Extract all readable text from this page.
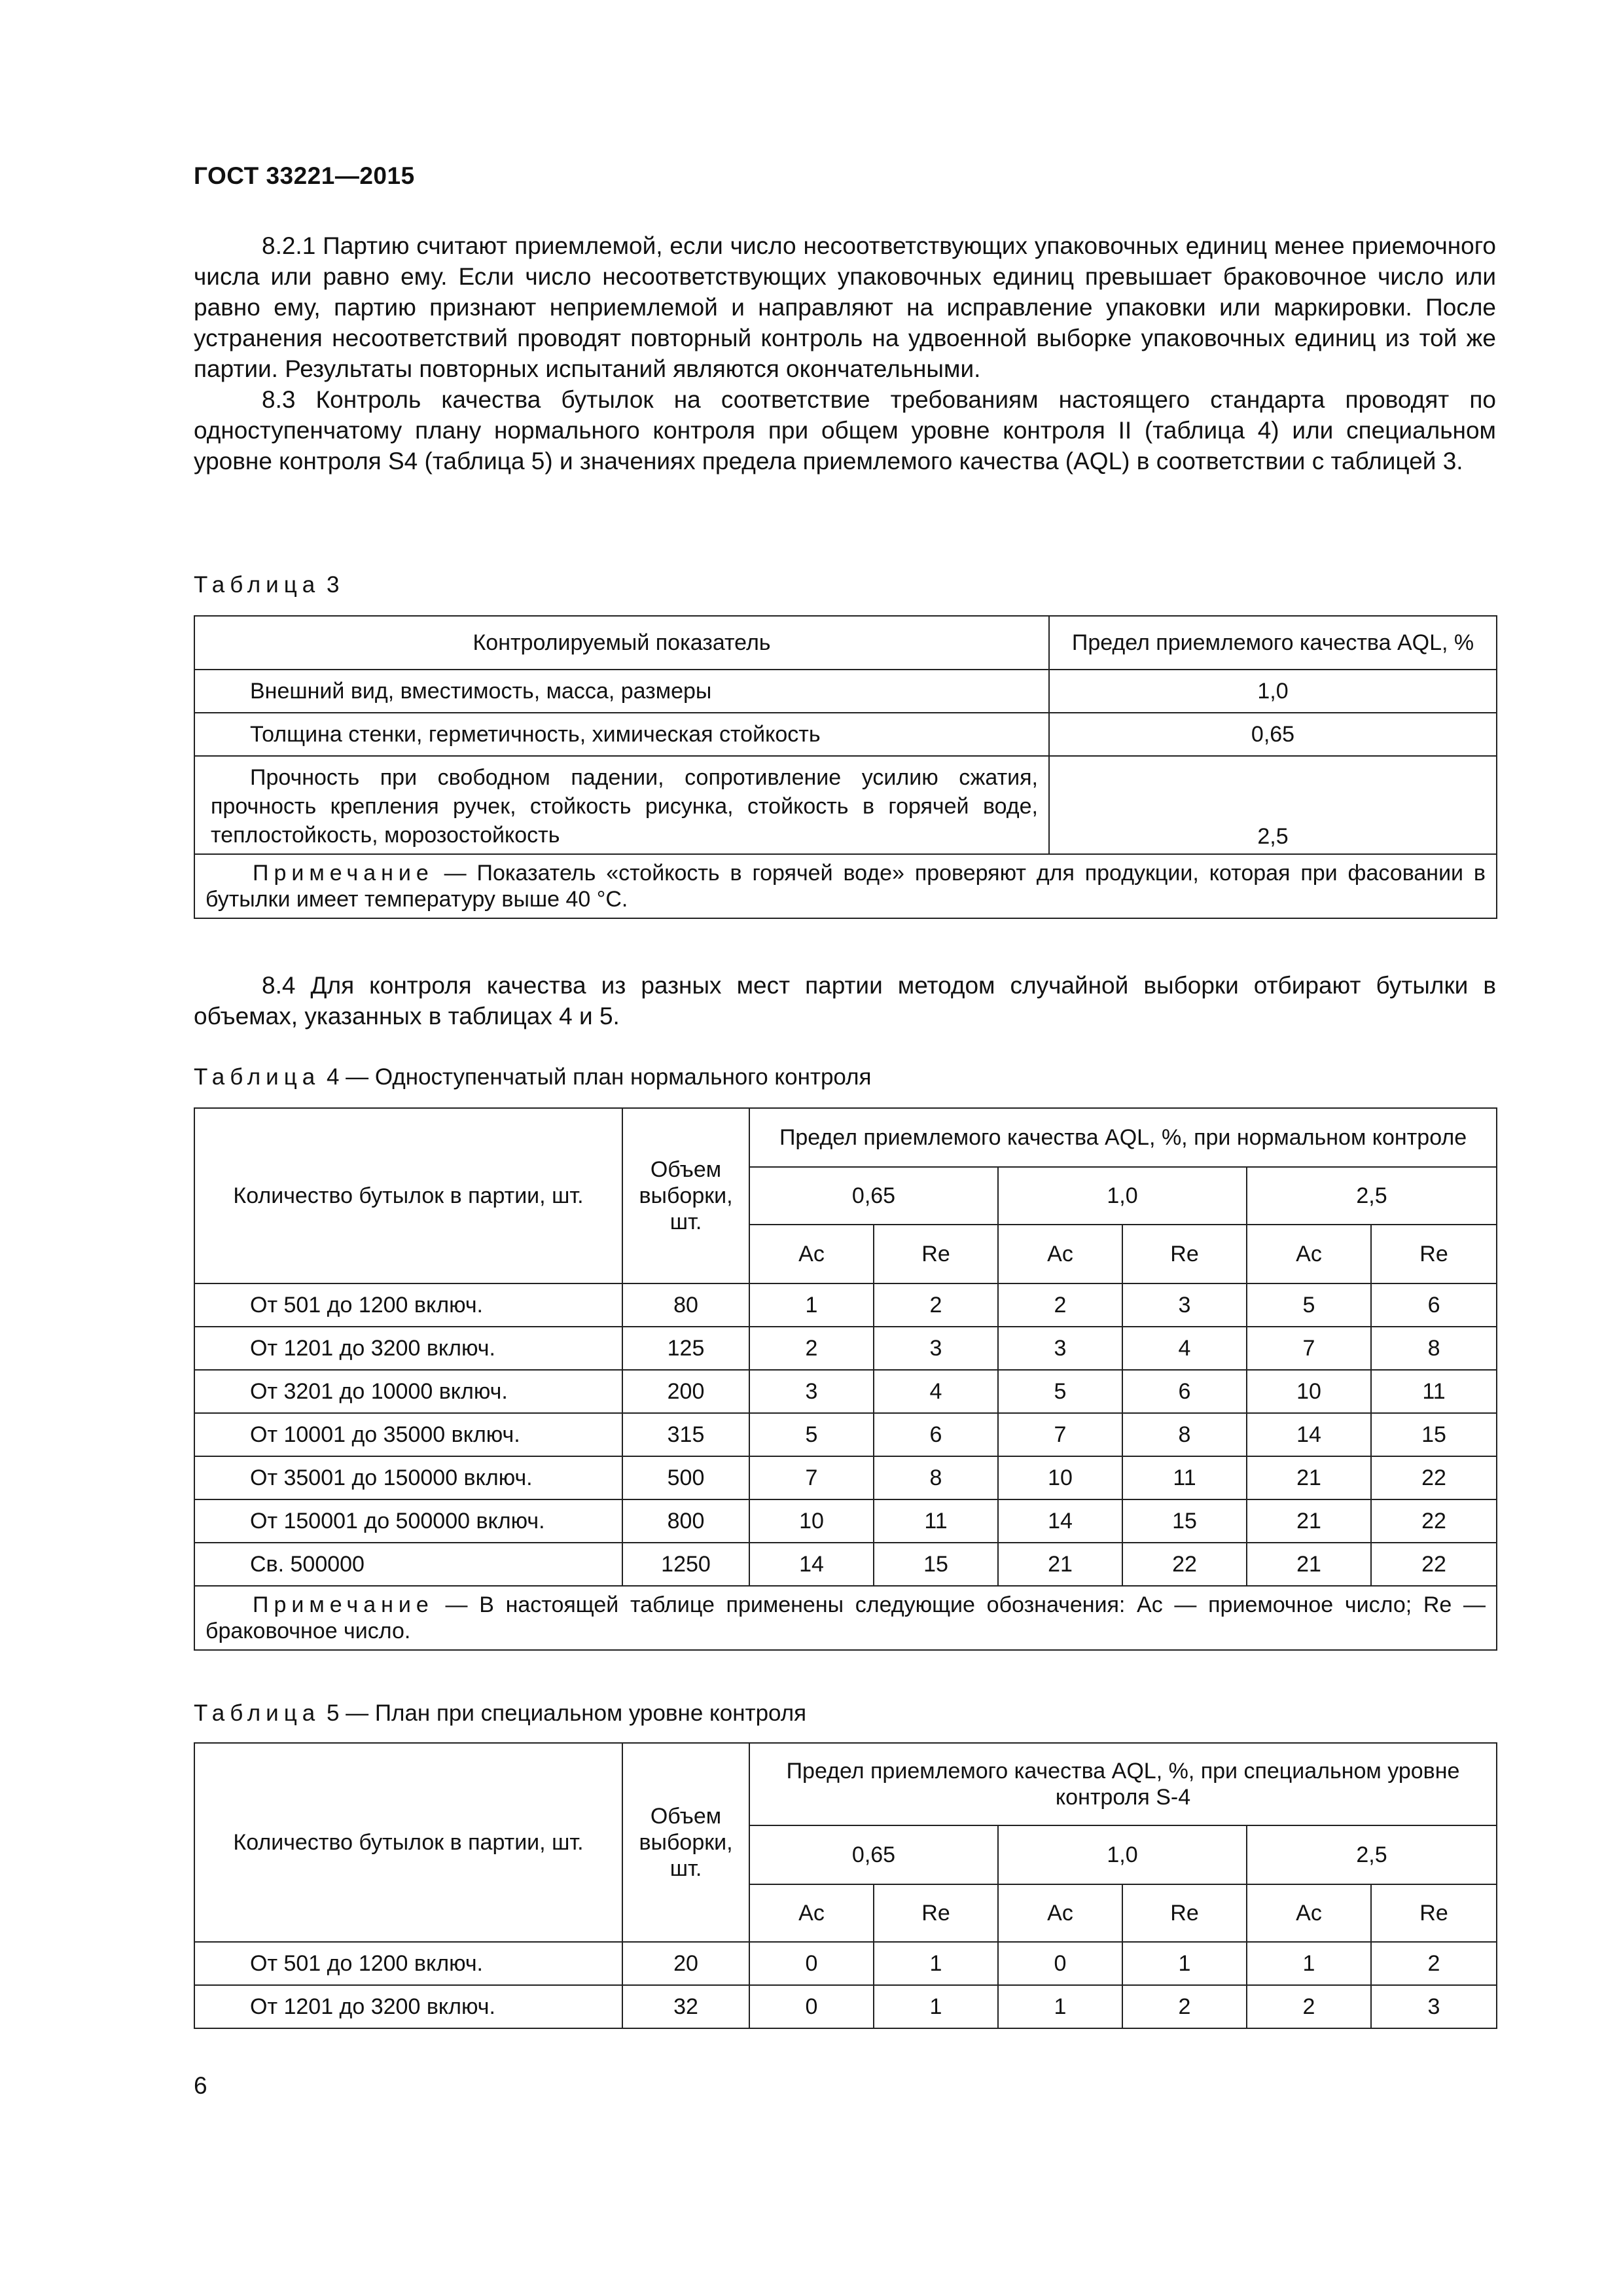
ГОСТ 33221—2015

8.2.1 Партию считают приемлемой, если число несоответствующих упаковочных единиц менее приемочного числа или равно ему. Если число несоответствующих упаковочных единиц превышает браковочное число или равно ему, партию признают неприемлемой и направляют на исправление упаковки или маркировки. После устранения несоответствий проводят повторный контроль на удвоенной выборке упаковочных единиц из той же партии. Результаты повторных испытаний являются окончательными.

8.3 Контроль качества бутылок на соответствие требованиям настоящего стандарта проводят по одноступенчатому плану нормального контроля при общем уровне контроля II (таблица 4) или специальном уровне контроля S4 (таблица 5) и значениях предела приемлемого качества (AQL) в соответствии с таблицей 3.

Таблица 3
Контролируемый показатель	Предел приемлемого качества AQL, %
Внешний вид, вместимость, масса, размеры	1,0
Толщина стенки, герметичность, химическая стойкость	0,65
Прочность при свободном падении, сопротивление усилию сжатия, прочность крепления ручек, стойкость рисунка, стойкость в горячей воде, теплостойкость, морозостойкость	2,5
Примечание — Показатель «стойкость в горячей воде» проверяют для продукции, которая при фасовании в бутылки имеет температуру выше 40 °C.	

8.4 Для контроля качества из разных мест партии методом случайной выборки отбирают бутылки в объемах, указанных в таблицах 4 и 5.

Таблица 4 — Одноступенчатый план нормального контроля
Количество бутылок в партии, шт.	Объем выборки, шт.	Предел приемлемого качества AQL, %, при нормальном контроле					
		0,65		1,0		2,5	
		Ac	Re	Ac	Re	Ac	Re
От 501 до 1200 включ.	80	1	2	2	3	5	6
От 1201 до 3200 включ.	125	2	3	3	4	7	8
От 3201 до 10000 включ.	200	3	4	5	6	10	11
От 10001 до 35000 включ.	315	5	6	7	8	14	15
От 35001 до 150000 включ.	500	7	8	10	11	21	22
От 150001 до 500000 включ.	800	10	11	14	15	21	22
Св. 500000	1250	14	15	21	22	21	22
Примечание — В настоящей таблице применены следующие обозначения: Ac — приемочное число; Re — браковочное число.							
Таблица 5 — План при специальном уровне контроля
Количество бутылок в партии, шт.	Объем выборки, шт.	Предел приемлемого качества AQL, %, при специальном уровне контроля S-4					
		0,65		1,0		2,5	
		Ac	Re	Ac	Re	Ac	Re
От 501 до 1200 включ.	20	0	1	0	1	1	2
От 1201 до 3200 включ.	32	0	1	1	2	2	3
6
